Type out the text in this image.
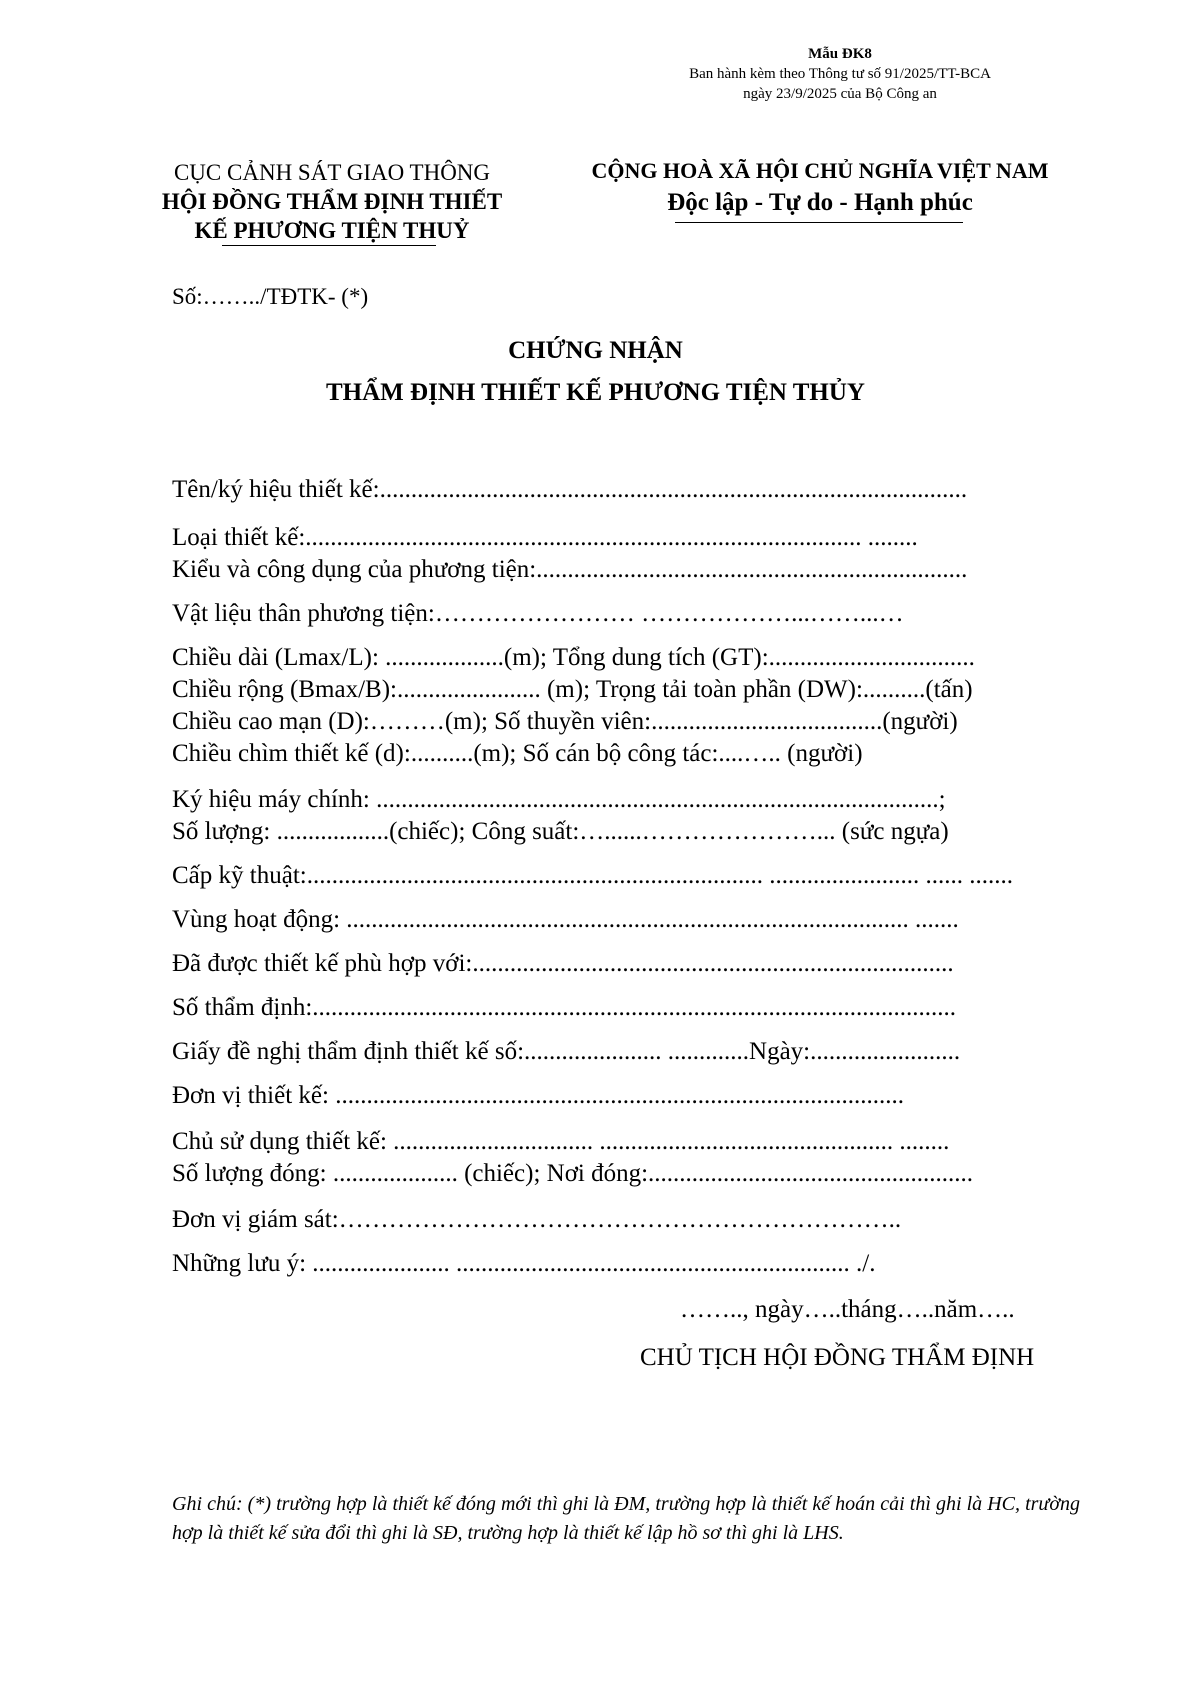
Mẫu ĐK8
Ban hành kèm theo Thông tư số 91/2025/TT-BCA
ngày 23/9/2025 của Bộ Công an
CỤC CẢNH SÁT GIAO THÔNG
HỘI ĐỒNG THẨM ĐỊNH THIẾT
KẾ PHƯƠNG TIỆN THUỶ
CỘNG HOÀ XÃ HỘI CHỦ NGHĨA VIỆT NAM
Độc lập - Tự do - Hạnh phúc
Số:……../TĐTK- (*)
CHỨNG NHẬN
THẨM ĐỊNH THIẾT KẾ PHƯƠNG TIỆN THỦY
Tên/ký hiệu thiết kế:..............................................................................................
Loại thiết kế:......................................................................................... ........
Kiểu và công dụng của phương tiện:.....................................................................
Vật liệu thân phương tiện:…………………… ………………...……...…
Chiều dài (Lmax/L): ...................(m); Tổng dung tích (GT):.................................
Chiều rộng (Bmax/B):....................... (m); Trọng tải toàn phần (DW):..........(tấn)
Chiều cao mạn (D):………(m); Số thuyền viên:.....................................(người)
Chiều chìm thiết kế (d):..........(m); Số cán bộ công tác:....….. (người)
Ký hiệu máy chính: ..........................................................................................;
Số lượng: ..................(chiếc); Công suất:…......…………………... (sức ngựa)
Cấp kỹ thuật:......................................................................... ........................ ...... .......
Vùng hoạt động: .......................................................................................... .......
Đã được thiết kế phù hợp với:.............................................................................
Số thẩm định:.......................................................................................................
Giấy đề nghị thẩm định thiết kế số:...................... .............Ngày:........................
Đơn vị thiết kế: ...........................................................................................
Chủ sử dụng thiết kế: ................................ ............................................... ........
Số lượng đóng: .................... (chiếc); Nơi đóng:....................................................
Đơn vị giám sát:…………………………………………………………..
Những lưu ý: ...................... ............................................................... ./.
…….., ngày…..tháng…..năm…..
CHỦ TỊCH HỘI ĐỒNG THẨM ĐỊNH
Ghi chú: (*) trường hợp là thiết kế đóng mới thì ghi là ĐM, trường hợp là thiết kế hoán cải thì ghi là HC, trường hợp là thiết kế sửa đổi thì ghi là SĐ, trường hợp là thiết kế lập hồ sơ thì ghi là LHS.
